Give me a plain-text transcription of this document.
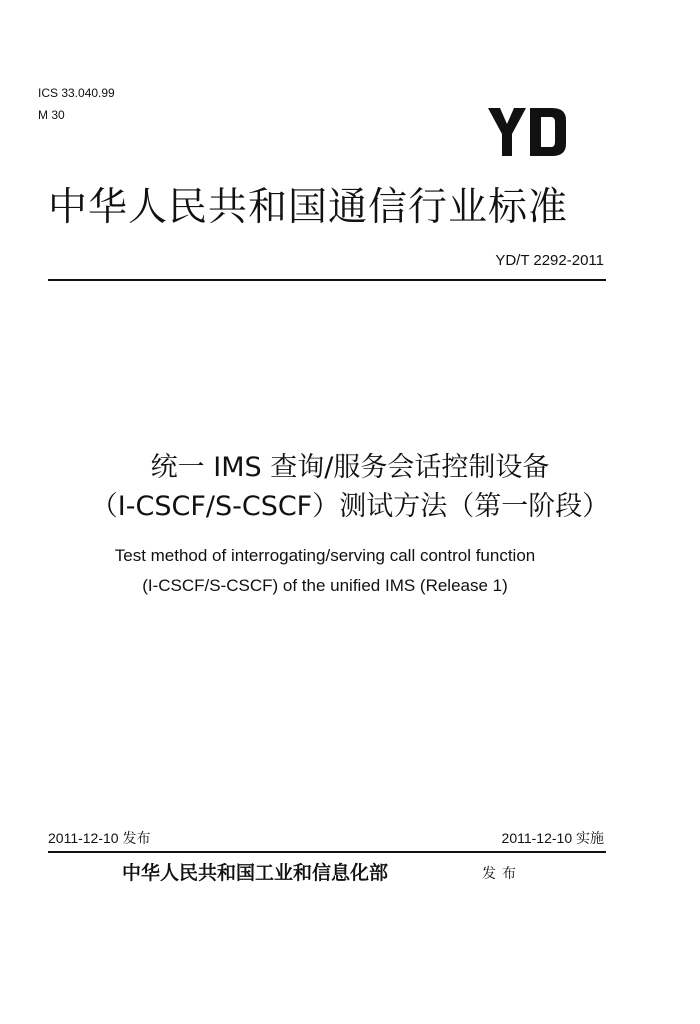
ICS 33.040.99
M 30
中华人民共和国通信行业标准
YD/T 2292-2011
统一 IMS 查询/服务会话控制设备
（I-CSCF/S-CSCF）测试方法（第一阶段）
Test method of interrogating/serving call control function
(I-CSCF/S-CSCF) of the unified IMS (Release 1)
2011-12-10 发布	2011-12-10 实施
中华人民共和国工业和信息化部	发布
